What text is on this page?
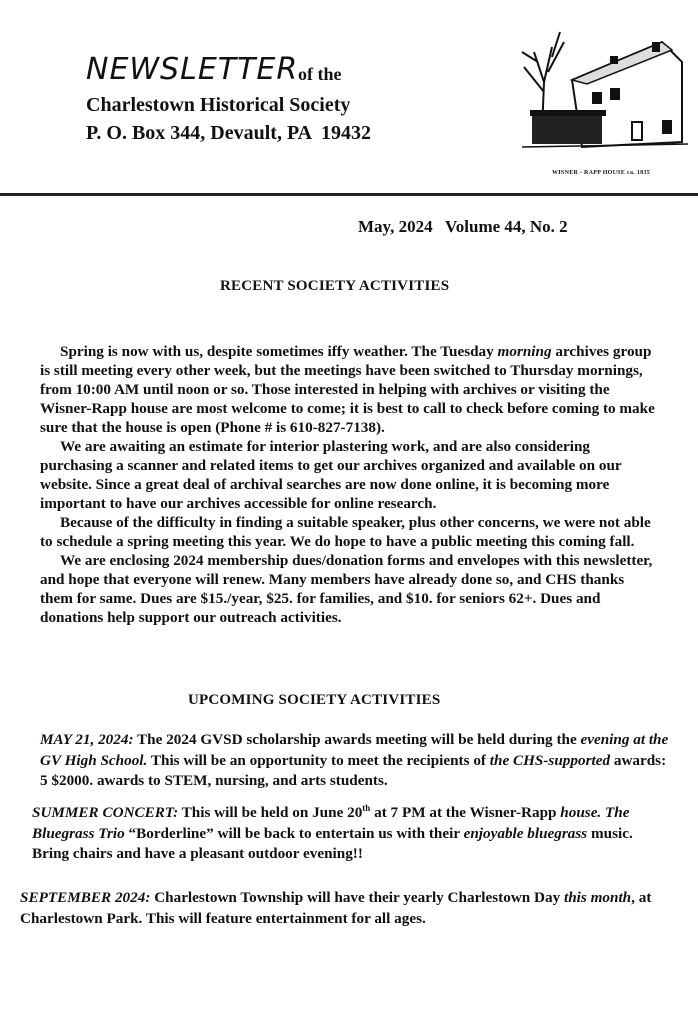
NEWSLETTER of the
Charlestown Historical Society
P. O. Box 344, Devault, PA  19432
WISNER - RAPP HOUSE ca. 1835
May, 2024   Volume 44, No. 2
RECENT SOCIETY ACTIVITIES

Spring is now with us, despite sometimes iffy weather. The Tuesday morning archives group is still meeting every other week, but the meetings have been switched to Thursday mornings, from 10:00 AM until noon or so. Those interested in helping with archives or visiting the Wisner-Rapp house are most welcome to come; it is best to call to check before coming to make sure that the house is open (Phone # is 610-827-7138).

We are awaiting an estimate for interior plastering work, and are also considering purchasing a scanner and related items to get our archives organized and available on our website. Since a great deal of archival searches are now done online, it is becoming more important to have our archives accessible for online research.

Because of the difficulty in finding a suitable speaker, plus other concerns, we were not able to schedule a spring meeting this year. We do hope to have a public meeting this coming fall.

We are enclosing 2024 membership dues/donation forms and envelopes with this newsletter, and hope that everyone will renew. Many members have already done so, and CHS thanks them for same. Dues are $15./year, $25. for families, and $10. for seniors 62+. Dues and donations help support our outreach activities.

UPCOMING SOCIETY ACTIVITIES

MAY 21, 2024: The 2024 GVSD scholarship awards meeting will be held during the evening at the GV High School. This will be an opportunity to meet the recipients of the CHS-supported awards: 5 $2000. awards to STEM, nursing, and arts students.

SUMMER CONCERT: This will be held on June 20th at 7 PM at the Wisner-Rapp house. The Bluegrass Trio “Borderline” will be back to entertain us with their enjoyable bluegrass music. Bring chairs and have a pleasant outdoor evening!!

SEPTEMBER 2024: Charlestown Township will have their yearly Charlestown Day this month, at Charlestown Park. This will feature entertainment for all ages.
